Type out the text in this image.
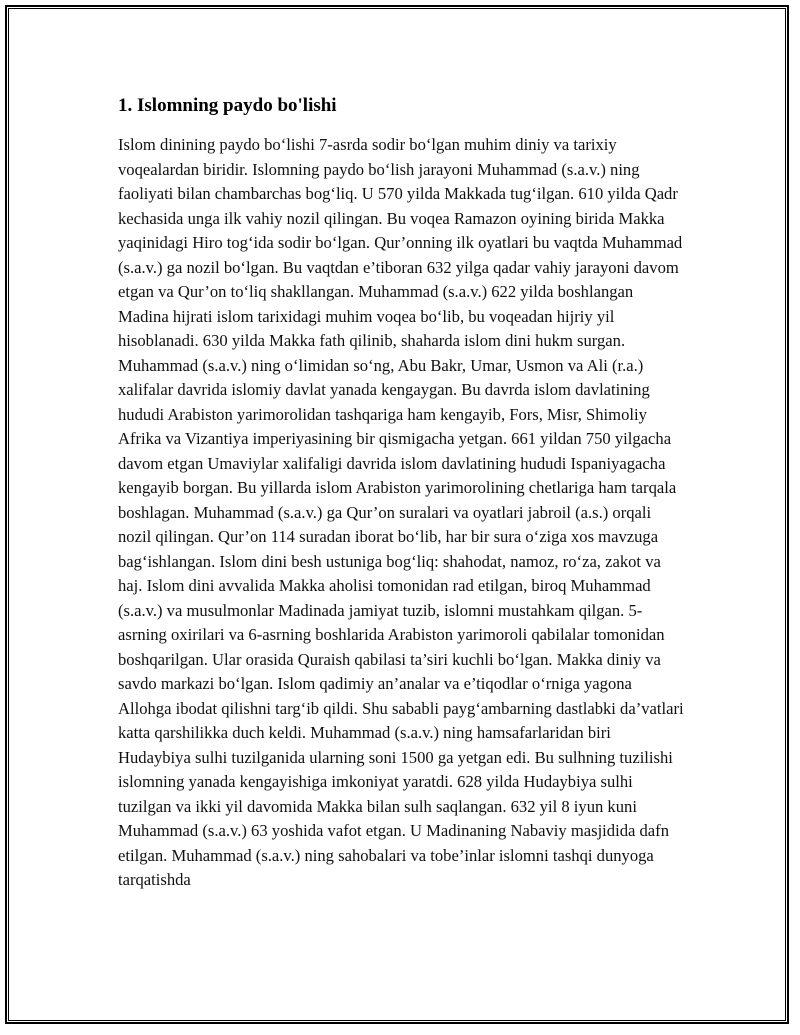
1. Islomning paydo bo'lishi

Islom dinining paydo bo‘lishi 7-asrda sodir bo‘lgan muhim diniy va tarixiy voqealardan biridir. Islomning paydo bo‘lish jarayoni Muhammad (s.a.v.) ning faoliyati bilan chambarchas bog‘liq. U 570 yilda Makkada tug‘ilgan. 610 yilda Qadr kechasida unga ilk vahiy nozil qilingan. Bu voqea Ramazon oyining birida Makka yaqinidagi Hiro tog‘ida sodir bo‘lgan. Qur’onning ilk oyatlari bu vaqtda Muhammad (s.a.v.) ga nozil bo‘lgan. Bu vaqtdan e’tiboran 632 yilga qadar vahiy jarayoni davom etgan va Qur’on to‘liq shakllangan. Muhammad (s.a.v.) 622 yilda boshlangan Madina hijrati islom tarixidagi muhim voqea bo‘lib, bu voqeadan hijriy yil hisoblanadi. 630 yilda Makka fath qilinib, shaharda islom dini hukm surgan. Muhammad (s.a.v.) ning o‘limidan so‘ng, Abu Bakr, Umar, Usmon va Ali (r.a.) xalifalar davrida islomiy davlat yanada kengaygan. Bu davrda islom davlatining hududi Arabiston yarimorolidan tashqariga ham kengayib, Fors, Misr, Shimoliy Afrika va Vizantiya imperiyasining bir qismigacha yetgan. 661 yildan 750 yilgacha davom etgan Umaviylar xalifaligi davrida islom davlatining hududi Ispaniyagacha kengayib borgan. Bu yillarda islom Arabiston yarimorolining chetlariga ham tarqala boshlagan. Muhammad (s.a.v.) ga Qur’on suralari va oyatlari jabroil (a.s.) orqali nozil qilingan. Qur’on 114 suradan iborat bo‘lib, har bir sura o‘ziga xos mavzuga bag‘ishlangan. Islom dini besh ustuniga bog‘liq: shahodat, namoz, ro‘za, zakot va haj. Islom dini avvalida Makka aholisi tomonidan rad etilgan, biroq Muhammad (s.a.v.) va musulmonlar Madinada jamiyat tuzib, islomni mustahkam qilgan. 5-asrning oxirilari va 6-asrning boshlarida Arabiston yarimoroli qabilalar tomonidan boshqarilgan. Ular orasida Quraish qabilasi ta’siri kuchli bo‘lgan. Makka diniy va savdo markazi bo‘lgan. Islom qadimiy an’analar va e’tiqodlar o‘rniga yagona Allohga ibodat qilishni targ‘ib qildi. Shu sababli payg‘ambarning dastlabki da’vatlari katta qarshilikka duch keldi. Muhammad (s.a.v.) ning hamsafarlaridan biri Hudaybiya sulhi tuzilganida ularning soni 1500 ga yetgan edi. Bu sulhning tuzilishi islomning yanada kengayishiga imkoniyat yaratdi. 628 yilda Hudaybiya sulhi tuzilgan va ikki yil davomida Makka bilan sulh saqlangan. 632 yil 8 iyun kuni Muhammad (s.a.v.) 63 yoshida vafot etgan. U Madinaning Nabaviy masjidida dafn etilgan. Muhammad (s.a.v.) ning sahobalari va tobe’inlar islomni tashqi dunyoga tarqatishda
